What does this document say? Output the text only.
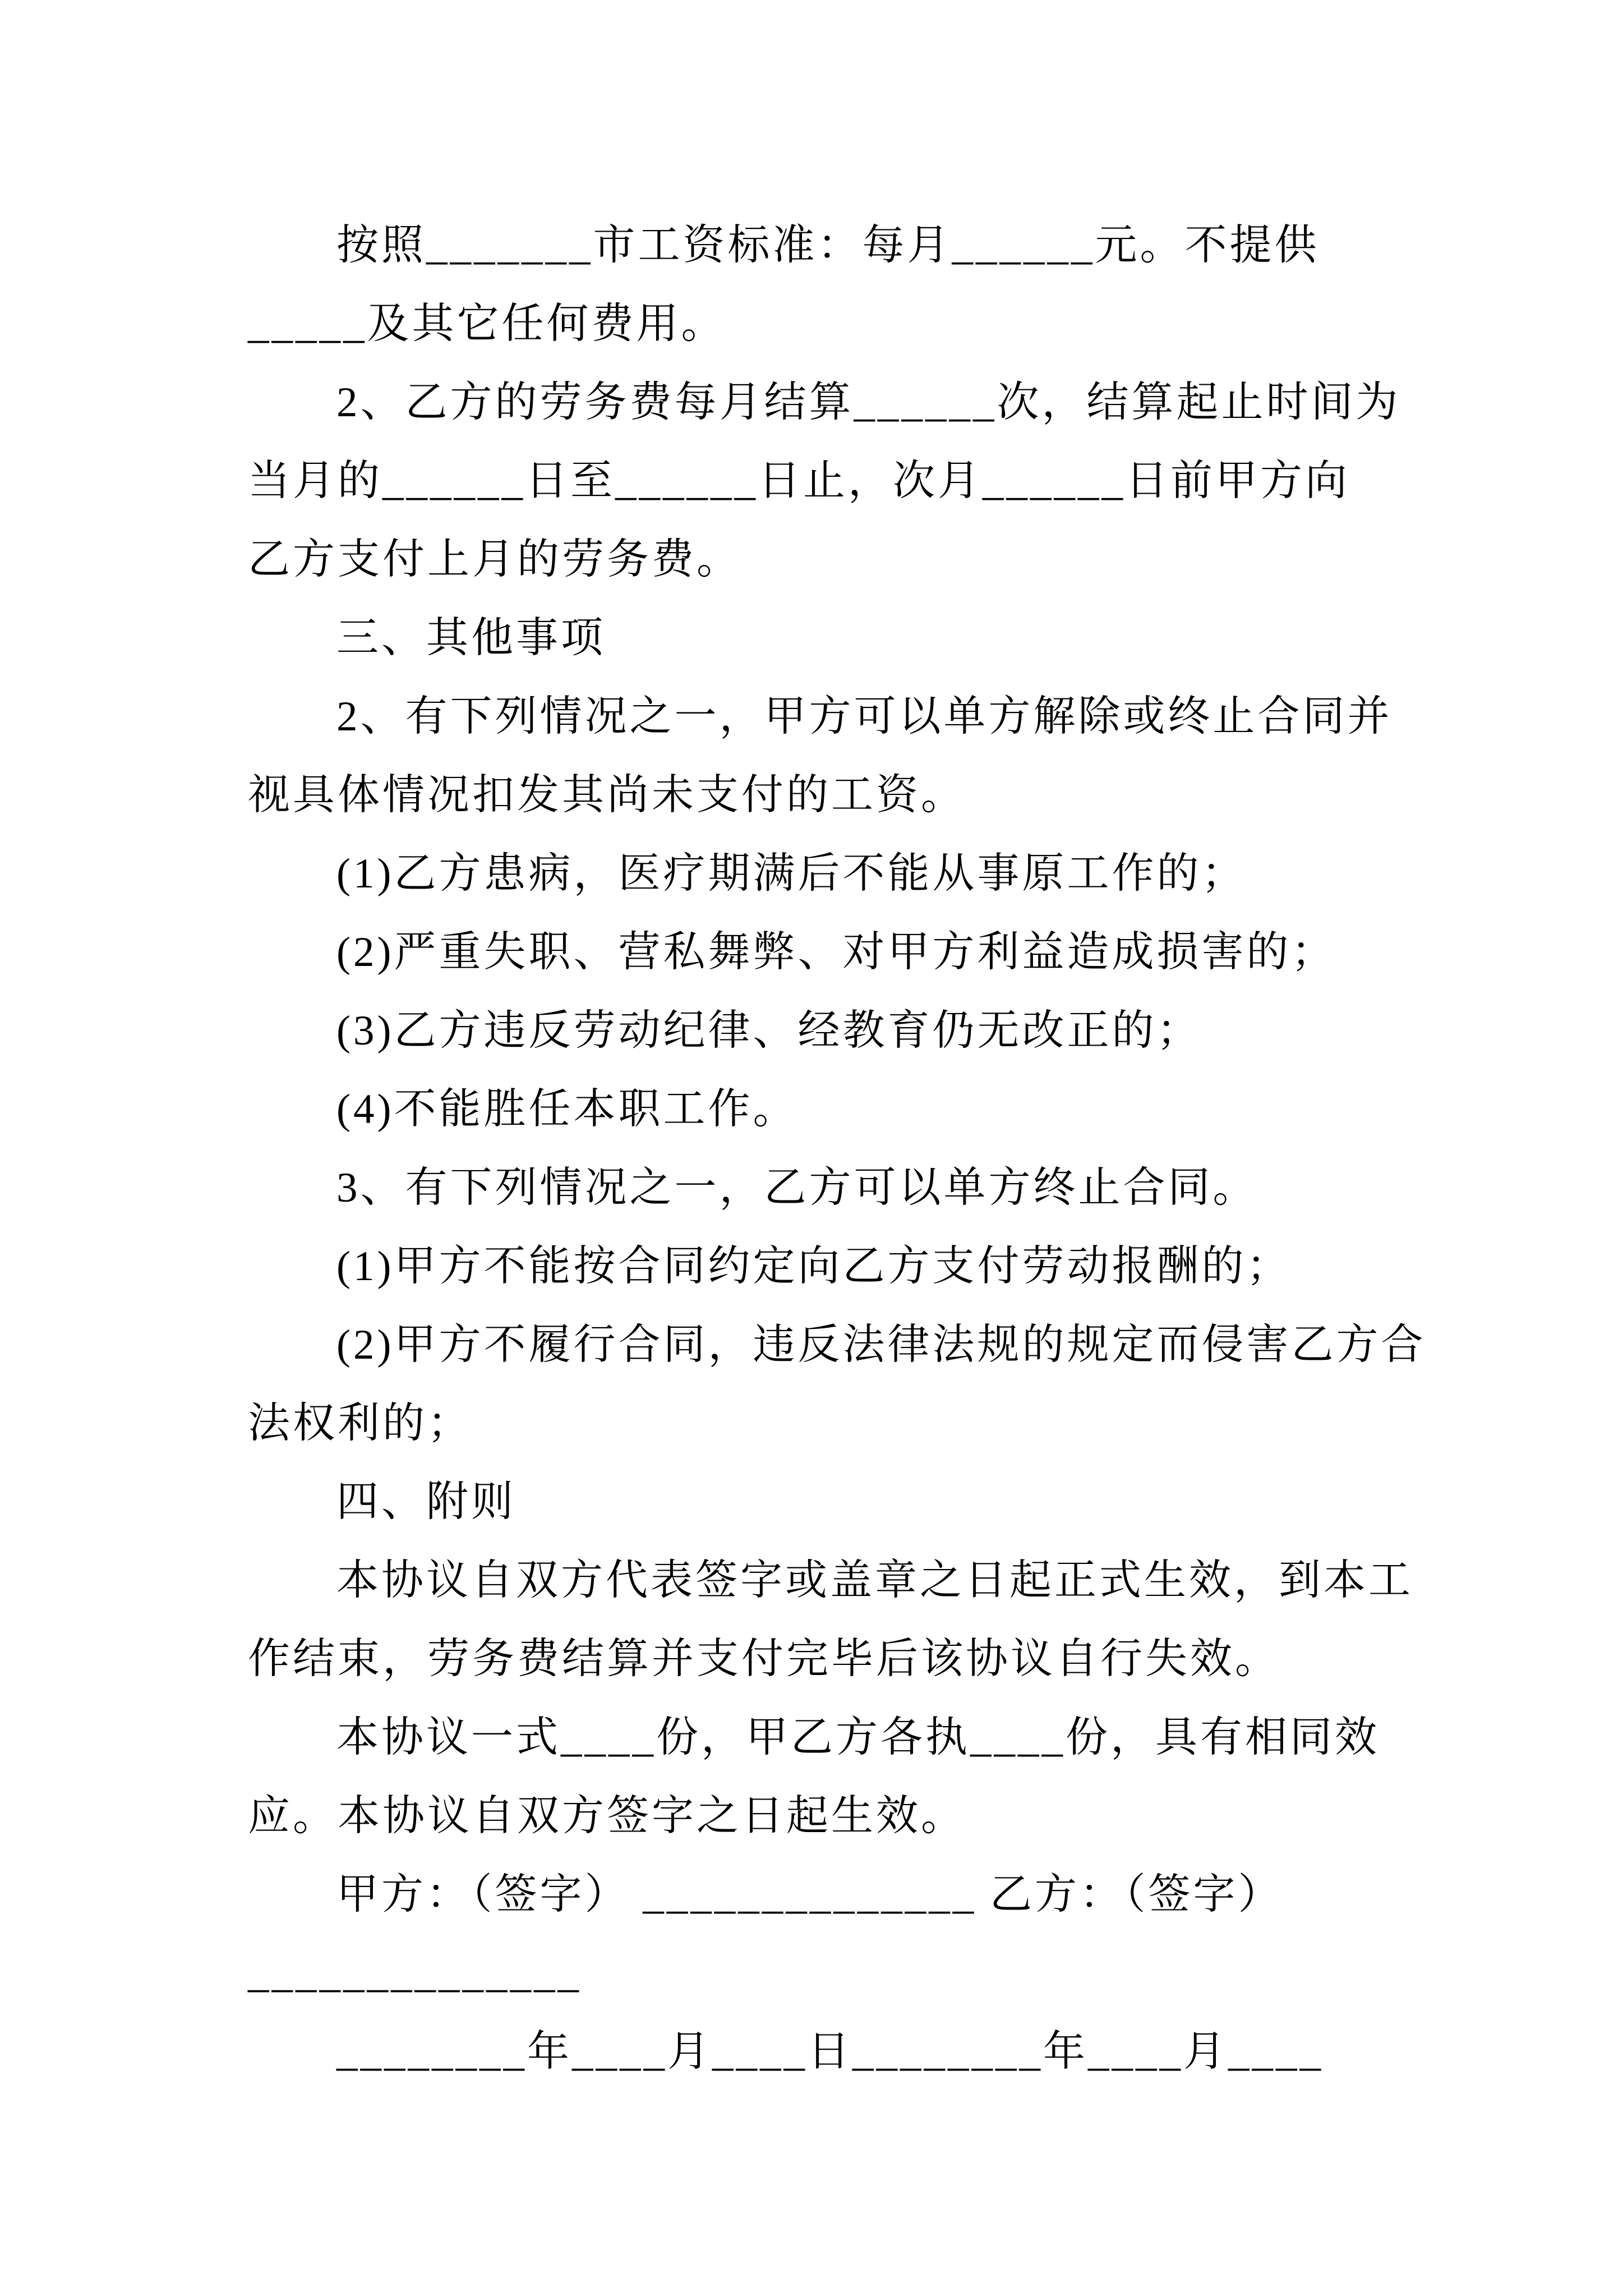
按照_______市工资标准：每月______元。不提供

_____及其它任何费用。

2、乙方的劳务费每月结算______次，结算起止时间为

当月的______日至______日止，次月______日前甲方向

乙方支付上月的劳务费。

三、其他事项

2、有下列情况之一，甲方可以单方解除或终止合同并

视具体情况扣发其尚未支付的工资。

(1)乙方患病，医疗期满后不能从事原工作的；

(2)严重失职、营私舞弊、对甲方利益造成损害的；

(3)乙方违反劳动纪律、经教育仍无改正的；

(4)不能胜任本职工作。

3、有下列情况之一，乙方可以单方终止合同。

(1)甲方不能按合同约定向乙方支付劳动报酬的；

(2)甲方不履行合同，违反法律法规的规定而侵害乙方合

法权利的；

四、附则

本协议自双方代表签字或盖章之日起正式生效，到本工

作结束，劳务费结算并支付完毕后该协议自行失效。

本协议一式____份，甲乙方各执____份，具有相同效

应。本协议自双方签字之日起生效。

甲方：（签字） ______________ 乙方：（签字）

______________

________年____月____日________年____月____
